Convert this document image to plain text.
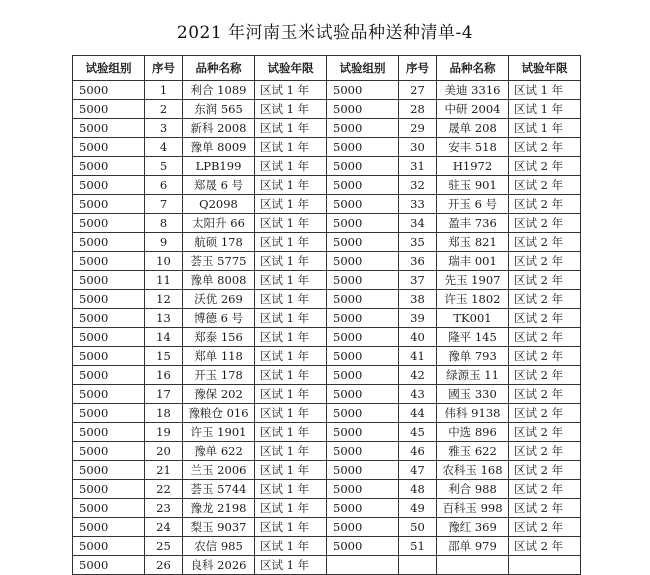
2021 年河南玉米试验品种送种清单-4
试验组别	序号	品种名称	试验年限	试验组别	序号	品种名称	试验年限
5000	1	利合 1089	区试 1 年	5000	27	美迪 3316	区试 1 年
5000	2	东润 565	区试 1 年	5000	28	中研 2004	区试 1 年
5000	3	新科 2008	区试 1 年	5000	29	晟单 208	区试 1 年
5000	4	豫单 8009	区试 1 年	5000	30	安丰 518	区试 2 年
5000	5	LPB199	区试 1 年	5000	31	H1972	区试 2 年
5000	6	郑晟 6 号	区试 1 年	5000	32	驻玉 901	区试 2 年
5000	7	Q2098	区试 1 年	5000	33	开玉 6 号	区试 2 年
5000	8	太阳升 66	区试 1 年	5000	34	盈丰 736	区试 2 年
5000	9	航硕 178	区试 1 年	5000	35	郑玉 821	区试 2 年
5000	10	荟玉 5775	区试 1 年	5000	36	瑞丰 001	区试 2 年
5000	11	豫单 8008	区试 1 年	5000	37	先玉 1907	区试 2 年
5000	12	沃优 269	区试 1 年	5000	38	许玉 1802	区试 2 年
5000	13	博德 6 号	区试 1 年	5000	39	TK001	区试 2 年
5000	14	郑泰 156	区试 1 年	5000	40	隆平 145	区试 2 年
5000	15	郑单 118	区试 1 年	5000	41	豫单 793	区试 2 年
5000	16	开玉 178	区试 1 年	5000	42	绿源玉 11	区试 2 年
5000	17	豫保 202	区试 1 年	5000	43	國玉 330	区试 2 年
5000	18	豫粮仓 016	区试 1 年	5000	44	伟科 9138	区试 2 年
5000	19	许玉 1901	区试 1 年	5000	45	中选 896	区试 2 年
5000	20	豫单 622	区试 1 年	5000	46	雅玉 622	区试 2 年
5000	21	兰玉 2006	区试 1 年	5000	47	农科玉 168	区试 2 年
5000	22	荟玉 5744	区试 1 年	5000	48	利合 988	区试 2 年
5000	23	豫龙 2198	区试 1 年	5000	49	百科玉 998	区试 2 年
5000	24	梨玉 9037	区试 1 年	5000	50	豫红 369	区试 2 年
5000	25	农信 985	区试 1 年	5000	51	邵单 979	区试 2 年
5000	26	良科 2026	区试 1 年				
